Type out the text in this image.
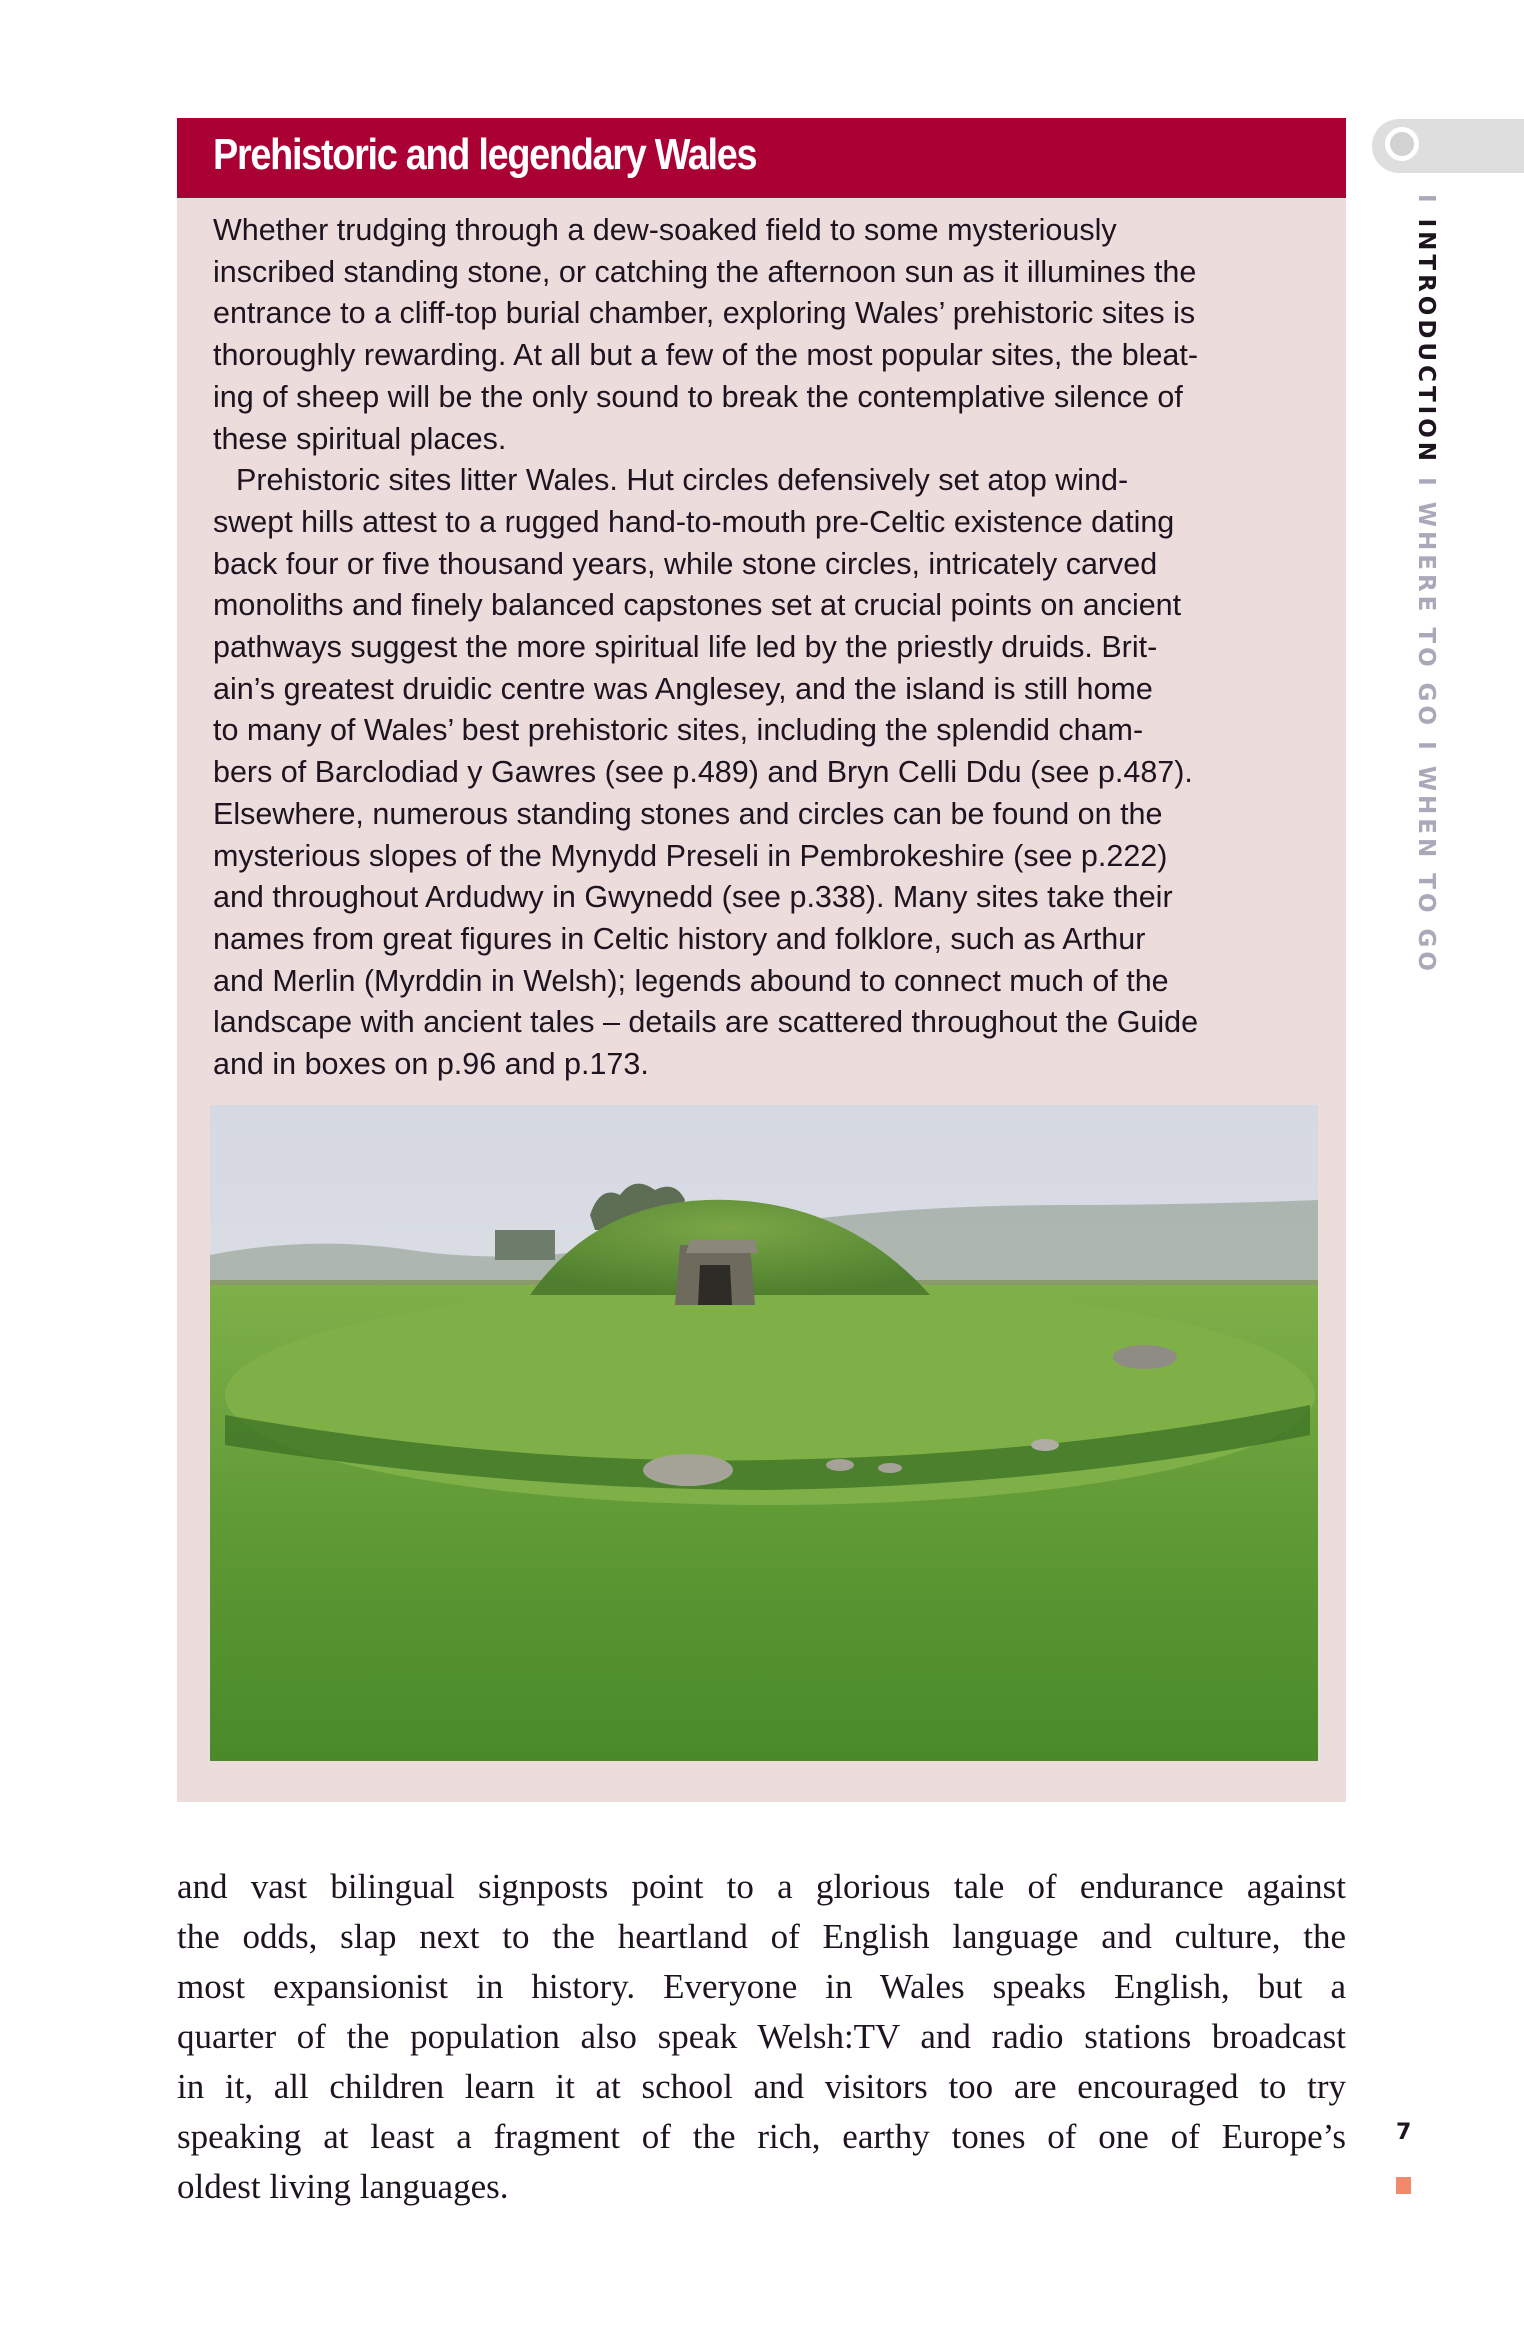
Prehistoric and legendary Wales
Whether trudging through a dew-soaked field to some mysteriously
inscribed standing stone, or catching the afternoon sun as it illumines the
entrance to a cliff-top burial chamber, exploring Wales’ prehistoric sites is
thoroughly rewarding. At all but a few of the most popular sites, the bleat-
ing of sheep will be the only sound to break the contemplative silence of
these spiritual places.
Prehistoric sites litter Wales. Hut circles defensively set atop wind-
swept hills attest to a rugged hand-to-mouth pre-Celtic existence dating
back four or five thousand years, while stone circles, intricately carved
monoliths and finely balanced capstones set at crucial points on ancient
pathways suggest the more spiritual life led by the priestly druids. Brit-
ain’s greatest druidic centre was Anglesey, and the island is still home
to many of Wales’ best prehistoric sites, including the splendid cham-
bers of Barclodiad y Gawres (see p.489) and Bryn Celli Ddu (see p.487).
Elsewhere, numerous standing stones and circles can be found on the
mysterious slopes of the Mynydd Preseli in Pembrokeshire (see p.222)
and throughout Ardudwy in Gwynedd (see p.338). Many sites take their
names from great figures in Celtic history and folklore, such as Arthur
and Merlin (Myrddin in Welsh); legends abound to connect much of the
landscape with ancient tales – details are scattered throughout the Guide
and in boxes on p.96 and p.173.
and vast bilingual signposts point to a glorious tale of endurance against
the odds, slap next to the heartland of English language and culture, the
most expansionist in history. Everyone in Wales speaks English, but a
quarter of the population also speak Welsh:TV and radio stations broadcast
in it, all children learn it at school and visitors too are encouraged to try
speaking at least a fragment of the rich, earthy tones of one of Europe’s
oldest living languages.
I INTRODUCTION I WHERE TO GO I WHEN TO GO
7
